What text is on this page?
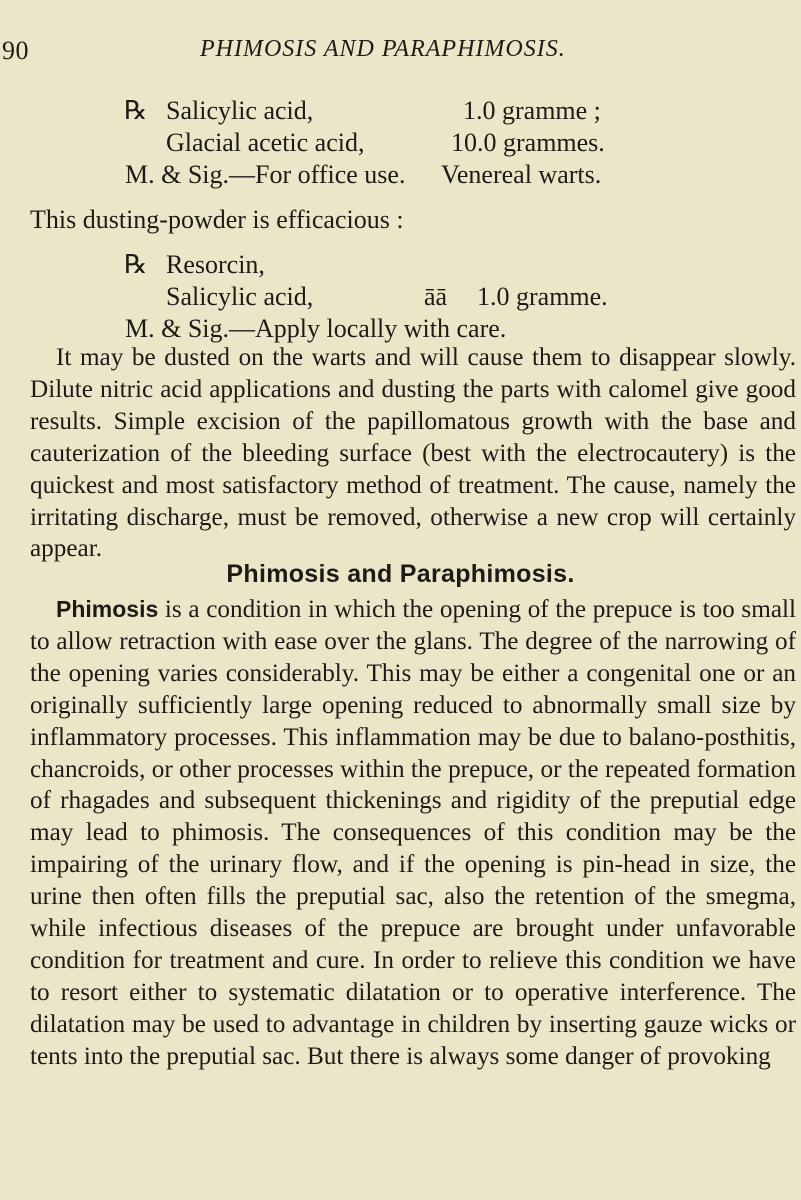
90	PHIMOSIS AND PARAPHIMOSIS.
℞ Salicylic acid,	1.0 gramme ;
Glacial acetic acid,	10.0 grammes.
M. & Sig.—For office use. Venereal warts.
This dusting-powder is efficacious :
℞ Resorcin,
Salicylic acid,	āā 1.0 gramme.
M. & Sig.—Apply locally with care.

It may be dusted on the warts and will cause them to disappear slowly. Dilute nitric acid applications and dusting the parts with calomel give good results. Simple excision of the papillomatous growth with the base and cauterization of the bleeding surface (best with the electrocautery) is the quickest and most satisfactory method of treatment. The cause, namely the irritating discharge, must be removed, otherwise a new crop will certainly appear.

Phimosis and Paraphimosis.

Phimosis is a condition in which the opening of the prepuce is too small to allow retraction with ease over the glans. The degree of the narrowing of the opening varies considerably. This may be either a congenital one or an originally sufficiently large opening reduced to abnormally small size by inflammatory processes. This inflammation may be due to balano-posthitis, chancroids, or other processes within the prepuce, or the repeated formation of rhagades and subsequent thickenings and rigidity of the preputial edge may lead to phimosis. The consequences of this condition may be the impairing of the urinary flow, and if the opening is pin-head in size, the urine then often fills the preputial sac, also the retention of the smegma, while infectious diseases of the prepuce are brought under unfavorable condition for treatment and cure. In order to relieve this condition we have to resort either to systematic dilatation or to operative interference. The dilatation may be used to advantage in children by inserting gauze wicks or tents into the preputial sac. But there is always some danger of provoking
